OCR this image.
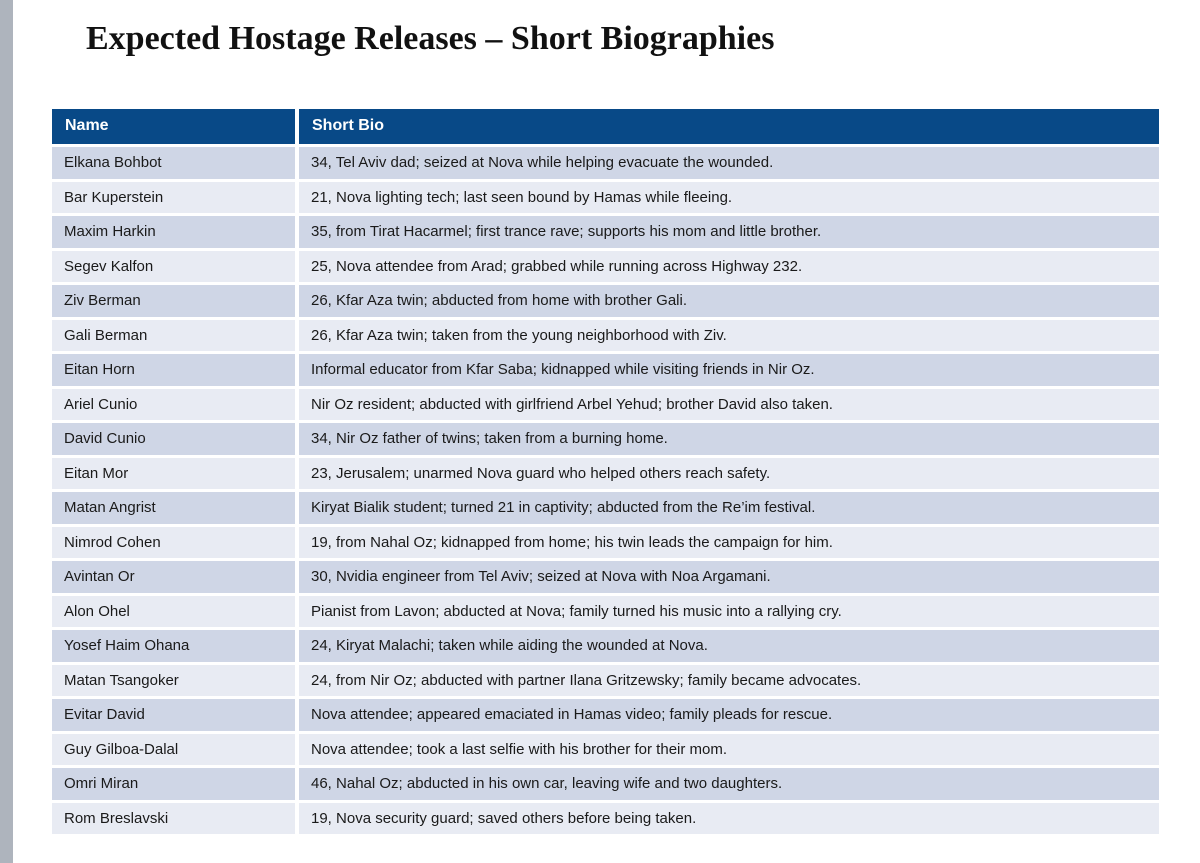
Expected Hostage Releases – Short Biographies
Name	Short Bio
Elkana Bohbot	34, Tel Aviv dad; seized at Nova while helping evacuate the wounded.
Bar Kuperstein	21, Nova lighting tech; last seen bound by Hamas while fleeing.
Maxim Harkin	35, from Tirat Hacarmel; first trance rave; supports his mom and little brother.
Segev Kalfon	25, Nova attendee from Arad; grabbed while running across Highway 232.
Ziv Berman	26, Kfar Aza twin; abducted from home with brother Gali.
Gali Berman	26, Kfar Aza twin; taken from the young neighborhood with Ziv.
Eitan Horn	Informal educator from Kfar Saba; kidnapped while visiting friends in Nir Oz.
Ariel Cunio	Nir Oz resident; abducted with girlfriend Arbel Yehud; brother David also taken.
David Cunio	34, Nir Oz father of twins; taken from a burning home.
Eitan Mor	23, Jerusalem; unarmed Nova guard who helped others reach safety.
Matan Angrist	Kiryat Bialik student; turned 21 in captivity; abducted from the Re’im festival.
Nimrod Cohen	19, from Nahal Oz; kidnapped from home; his twin leads the campaign for him.
Avintan Or	30, Nvidia engineer from Tel Aviv; seized at Nova with Noa Argamani.
Alon Ohel	Pianist from Lavon; abducted at Nova; family turned his music into a rallying cry.
Yosef Haim Ohana	24, Kiryat Malachi; taken while aiding the wounded at Nova.
Matan Tsangoker	24, from Nir Oz; abducted with partner Ilana Gritzewsky; family became advocates.
Evitar David	Nova attendee; appeared emaciated in Hamas video; family pleads for rescue.
Guy Gilboa-Dalal	Nova attendee; took a last selfie with his brother for their mom.
Omri Miran	46, Nahal Oz; abducted in his own car, leaving wife and two daughters.
Rom Breslavski	19, Nova security guard; saved others before being taken.
